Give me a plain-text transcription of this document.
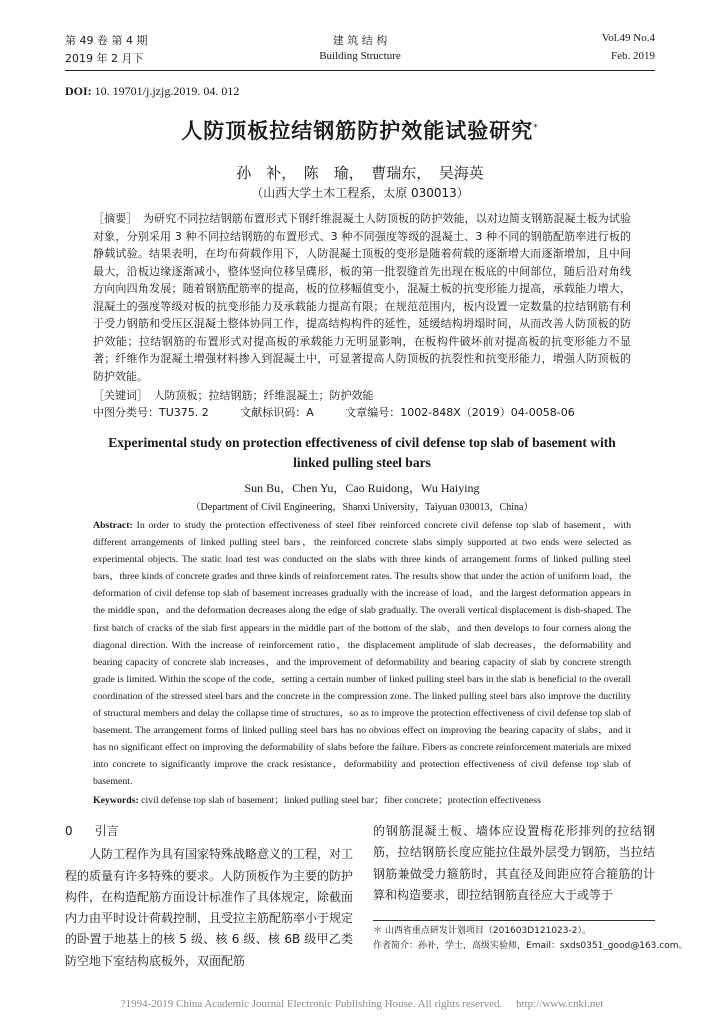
第 49 卷 第 4 期	建 筑 结 构	Vol.49 No.4
2019 年 2 月下	Building Structure	Feb. 2019
DOI: 10. 19701/j.jzjg.2019. 04. 012
人防顶板拉结钢筋防护效能试验研究*
孙　补，　陈　瑜，　曹瑞东，　吴海英
（山西大学土木工程系，太原 030013）
［摘要］　为研究不同拉结钢筋布置形式下钢纤维混凝土人防顶板的防护效能，以对边简支钢筋混凝土板为试验对象，分别采用 3 种不同拉结钢筋的布置形式、3 种不同强度等级的混凝土、3 种不同的钢筋配筋率进行板的静载试验。结果表明，在均布荷载作用下，人防混凝土顶板的变形是随着荷载的逐渐增大而逐渐增加，且中间最大，沿板边缘逐渐减小，整体竖向位移呈碟形，板的第一批裂缝首先出现在板底的中间部位，随后沿对角线方向向四角发展；随着钢筋配筋率的提高，板的位移幅值变小，混凝土板的抗变形能力提高，承载能力增大，混凝土的强度等级对板的抗变形能力及承载能力提高有限；在规范范围内，板内设置一定数量的拉结钢筋有利于受力钢筋和受压区混凝土整体协同工作，提高结构构件的延性，延缓结构坍塌时间，从而改善人防顶板的防护效能；拉结钢筋的布置形式对提高板的承载能力无明显影响，在板构件破坏前对提高板的抗变形能力不显著；纤维作为混凝土增强材料掺入到混凝土中，可显著提高人防顶板的抗裂性和抗变形能力，增强人防顶板的防护效能。
［关键词］　人防顶板；拉结钢筋；纤维混凝土；防护效能
中图分类号：TU375. 2	文献标识码：A	文章编号：1002-848X（2019）04-0058-06
Experimental study on protection effectiveness of civil defense top slab of basement with linked pulling steel bars
Sun Bu，Chen Yu，Cao Ruidong，Wu Haiying
（Department of Civil Engineering，Shanxi University，Taiyuan 030013，China）
Abstract: In order to study the protection effectiveness of steel fiber reinforced concrete civil defense top slab of basement，with different arrangements of linked pulling steel bars，the reinforced concrete slabs simply supported at two ends were selected as experimental objects. The static load test was conducted on the slabs with three kinds of arrangement forms of linked pulling steel bars，three kinds of concrete grades and three kinds of reinforcement rates. The results show that under the action of uniform load，the deformation of civil defense top slab of basement increases gradually with the increase of load，and the largest deformation appears in the middle span，and the deformation decreases along the edge of slab gradually. The overall vertical displacement is dish-shaped. The first batch of cracks of the slab first appears in the middle part of the bottom of the slab，and then develops to four corners along the diagonal direction. With the increase of reinforcement ratio，the displacement amplitude of slab decreases，the deformability and bearing capacity of concrete slab increases，and the improvement of deformability and bearing capacity of slab by concrete strength grade is limited. Within the scope of the code，setting a certain number of linked pulling steel bars in the slab is beneficial to the overall coordination of the stressed steel bars and the concrete in the compression zone. The linked pulling steel bars also improve the ductility of structural members and delay the collapse time of structures，so as to improve the protection effectiveness of civil defense top slab of basement. The arrangement forms of linked pulling steel bars has no obvious effect on improving the bearing capacity of slabs，and it has no significant effect on improving the deformability of slabs before the failure. Fibers as concrete reinforcement materials are mixed into concrete to significantly improve the crack resistance，deformability and protection effectiveness of civil defense top slab of basement.
Keywords: civil defense top slab of basement；linked pulling steel bar；fiber concrete；protection effectiveness
0 引言

人防工程作为具有国家特殊战略意义的工程，对工程的质量有许多特殊的要求。人防顶板作为主要的防护构件，在构造配筋方面设计标准作了具体规定，除截面内力由平时设计荷载控制，且受拉主筋配筋率小于规定的卧置于地基上的核 5 级、核 6 级、核 6B 级甲乙类防空地下室结构底板外，双面配筋

的钢筋混凝土板、墙体应设置梅花形排列的拉结钢筋，拉结钢筋长度应能拉住最外层受力钢筋，当拉结钢筋兼做受力箍筋时，其直径及间距应符合箍筋的计算和构造要求，即拉结钢筋直径应大于或等于

＊ 山西省重点研发计划项目（201603D121023-2）。
作者简介：孙补，学士，高级实验师，Email：sxds0351_good@163.com。
?1994-2019 China Academic Journal Electronic Publishing House. All rights reserved.　 http://www.cnki.net
